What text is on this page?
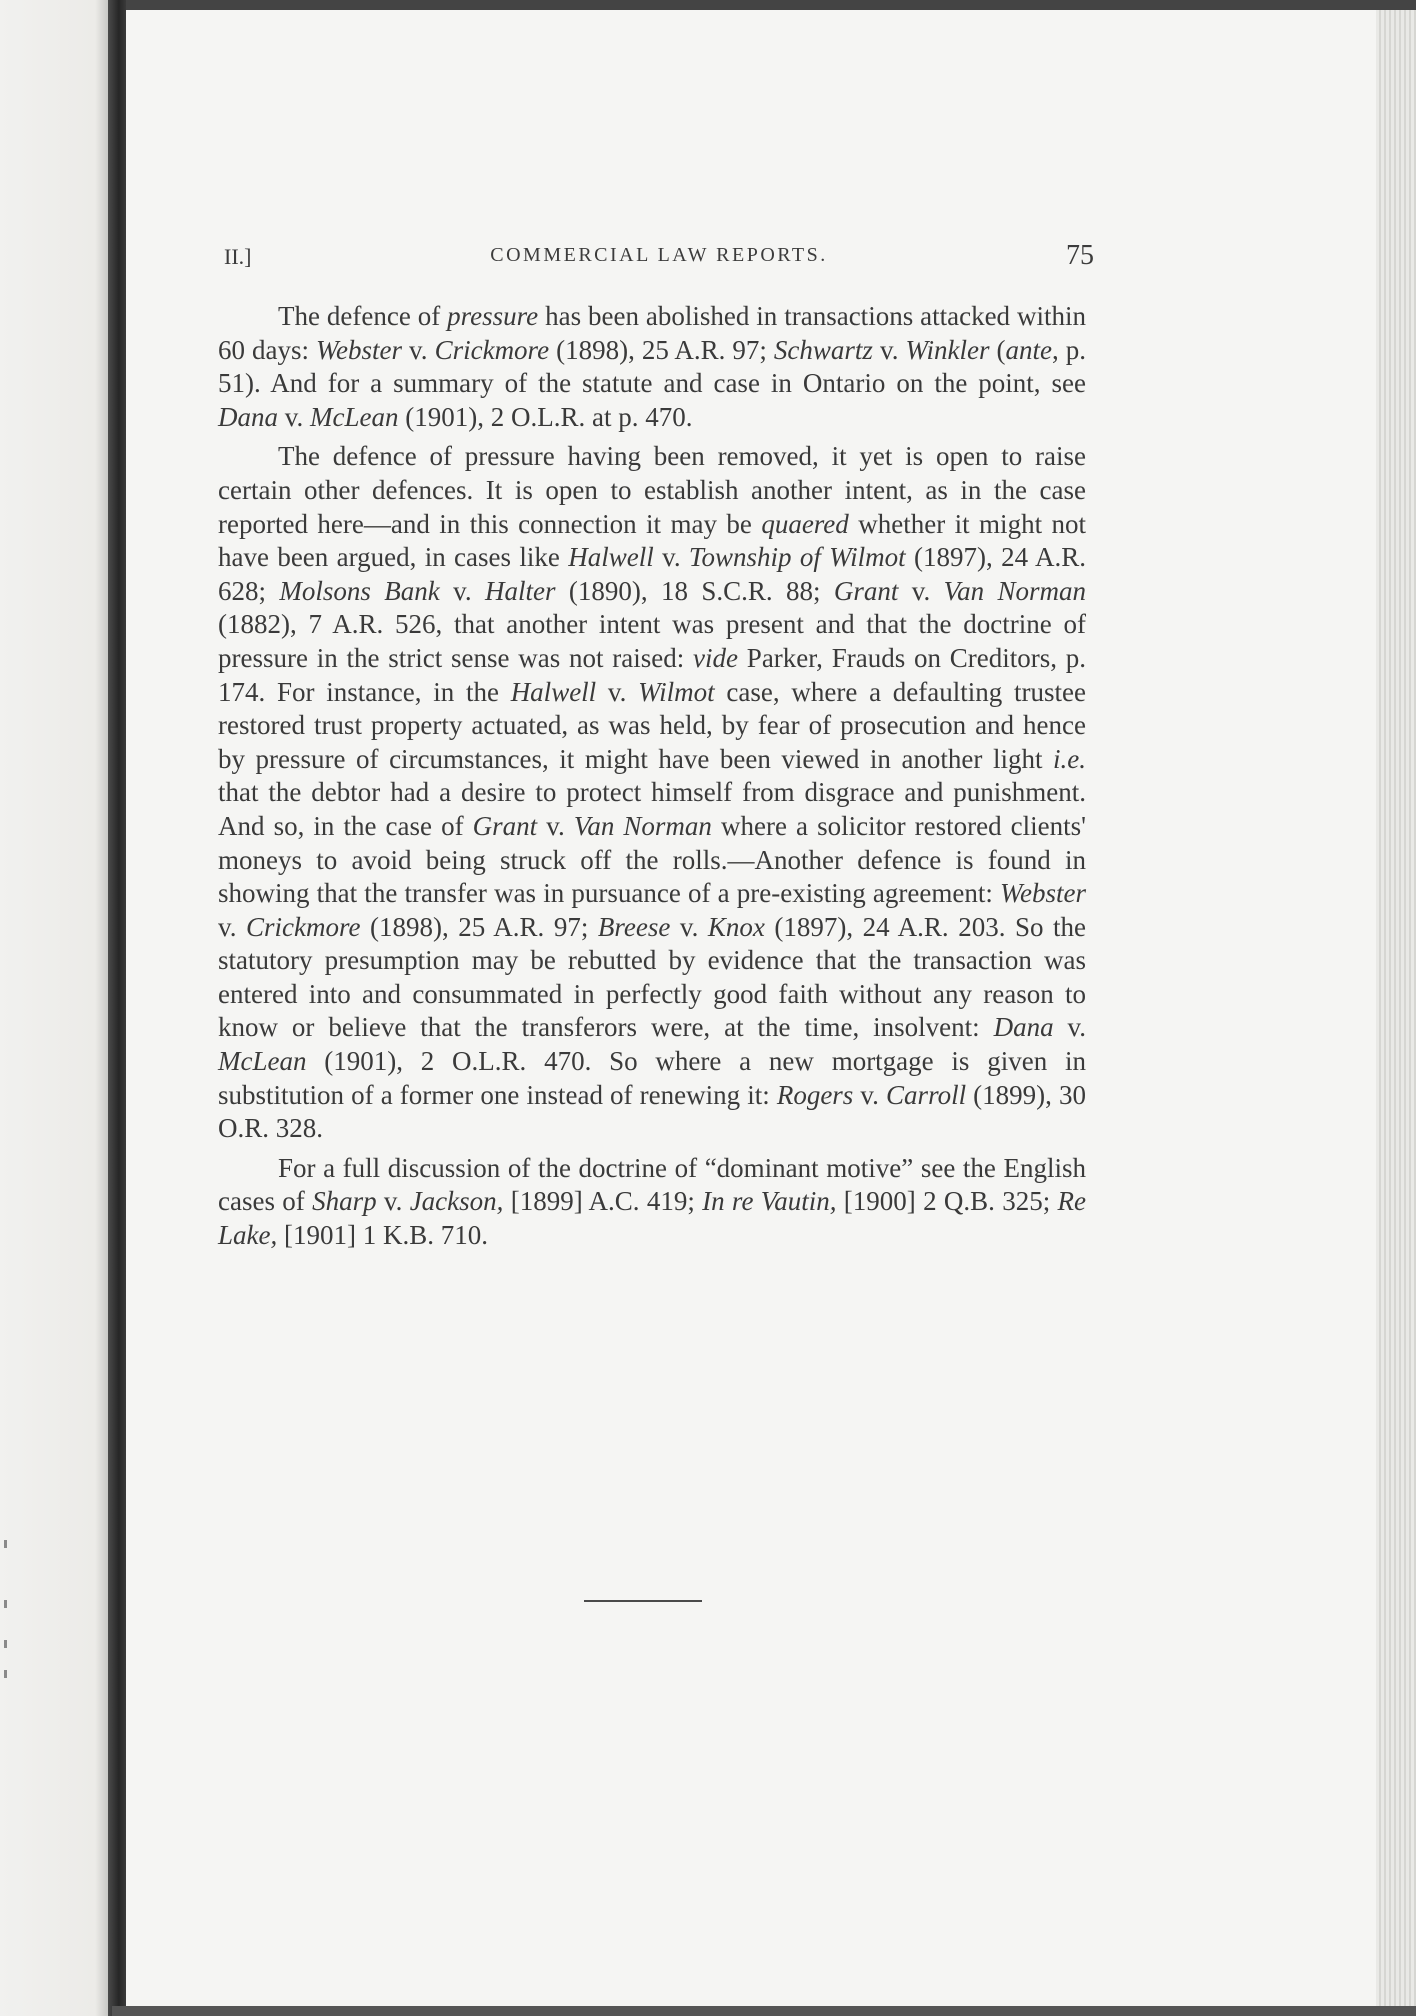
II.]	COMMERCIAL LAW REPORTS.	75

The defence of pressure has been abolished in transactions attacked within 60 days: Webster v. Crickmore (1898), 25 A.R. 97; Schwartz v. Winkler (ante, p. 51). And for a summary of the statute and case in Ontario on the point, see Dana v. McLean (1901), 2 O.L.R. at p. 470.

The defence of pressure having been removed, it yet is open to raise certain other defences. It is open to establish another intent, as in the case reported here—and in this connection it may be quaered whether it might not have been argued, in cases like Halwell v. Township of Wilmot (1897), 24 A.R. 628; Molsons Bank v. Halter (1890), 18 S.C.R. 88; Grant v. Van Norman (1882), 7 A.R. 526, that another intent was present and that the doctrine of pressure in the strict sense was not raised: vide Parker, Frauds on Creditors, p. 174. For instance, in the Halwell v. Wilmot case, where a defaulting trustee restored trust property actuated, as was held, by fear of prosecution and hence by pressure of circumstances, it might have been viewed in another light i.e. that the debtor had a desire to protect himself from disgrace and punishment. And so, in the case of Grant v. Van Norman where a solicitor restored clients' moneys to avoid being struck off the rolls.—Another defence is found in showing that the transfer was in pursuance of a pre-existing agreement: Webster v. Crickmore (1898), 25 A.R. 97; Breese v. Knox (1897), 24 A.R. 203. So the statutory presumption may be rebutted by evidence that the transaction was entered into and consummated in perfectly good faith without any reason to know or believe that the transferors were, at the time, insolvent: Dana v. McLean (1901), 2 O.L.R. 470. So where a new mortgage is given in substitution of a former one instead of renewing it: Rogers v. Carroll (1899), 30 O.R. 328.

For a full discussion of the doctrine of “dominant motive” see the English cases of Sharp v. Jackson, [1899] A.C. 419; In re Vautin, [1900] 2 Q.B. 325; Re Lake, [1901] 1 K.B. 710.
